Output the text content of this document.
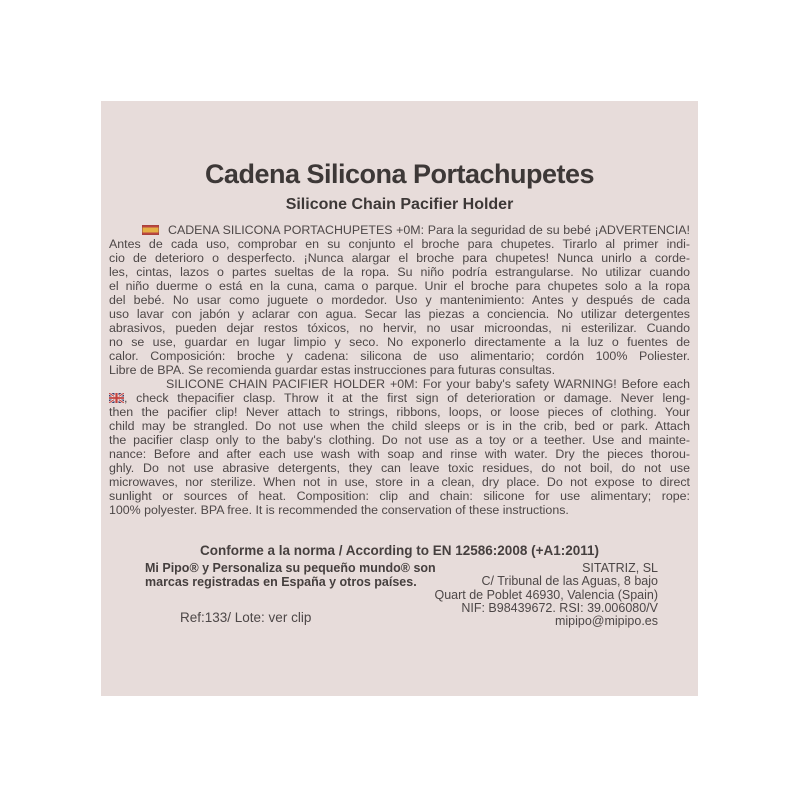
Cadena Silicona Portachupetes
Silicone Chain Pacifier Holder
CADENA SILICONA PORTACHUPETES +0M: Para la seguridad de su bebé ¡ADVERTENCIA!
Antes de cada uso, comprobar en su conjunto el broche para chupetes. Tirarlo al primer indi-
cio de deterioro o desperfecto. ¡Nunca alargar el broche para chupetes! Nunca unirlo a corde-
les, cintas, lazos o partes sueltas de la ropa. Su niño podría estrangularse. No utilizar cuando
el niño duerme o está en la cuna, cama o parque. Unir el broche para chupetes solo a la ropa
del bebé. No usar como juguete o mordedor. Uso y mantenimiento: Antes y después de cada
uso lavar con jabón y aclarar con agua. Secar las piezas a conciencia. No utilizar detergentes
abrasivos, pueden dejar restos tóxicos, no hervir, no usar microondas, ni esterilizar. Cuando
no se use, guardar en lugar limpio y seco. No exponerlo directamente a la luz o fuentes de
calor. Composición: broche y cadena: silicona de uso alimentario; cordón 100% Poliester.
Libre de BPA. Se recomienda guardar estas instrucciones para futuras consultas.
SILICONE CHAIN PACIFIER HOLDER +0M: For your baby's safety WARNING! Before each
, check thepacifier clasp. Throw it at the first sign of deterioration or damage. Never leng-
then the pacifier clip! Never attach to strings, ribbons, loops, or loose pieces of clothing. Your
child may be strangled. Do not use when the child sleeps or is in the crib, bed or park. Attach
the pacifier clasp only to the baby's clothing. Do not use as a toy or a teether. Use and mainte-
nance: Before and after each use wash with soap and rinse with water. Dry the pieces thorou-
ghly. Do not use abrasive detergents, they can leave toxic residues, do not boil, do not use
microwaves, nor sterilize. When not in use, store in a clean, dry place. Do not expose to direct
sunlight or sources of heat. Composition: clip and chain: silicone for use alimentary; rope:
100% polyester. BPA free. It is recommended the conservation of these instructions.
Conforme a la norma / According to EN 12586:2008 (+A1:2011)
Mi Pipo® y Personaliza su pequeño mundo® son
marcas registradas en España y otros países.
SITATRIZ, SL
C/ Tribunal de las Aguas, 8 bajo
Quart de Poblet 46930, Valencia (Spain)
NIF: B98439672. RSI: 39.006080/V
mipipo@mipipo.es
Ref:133/ Lote: ver clip
